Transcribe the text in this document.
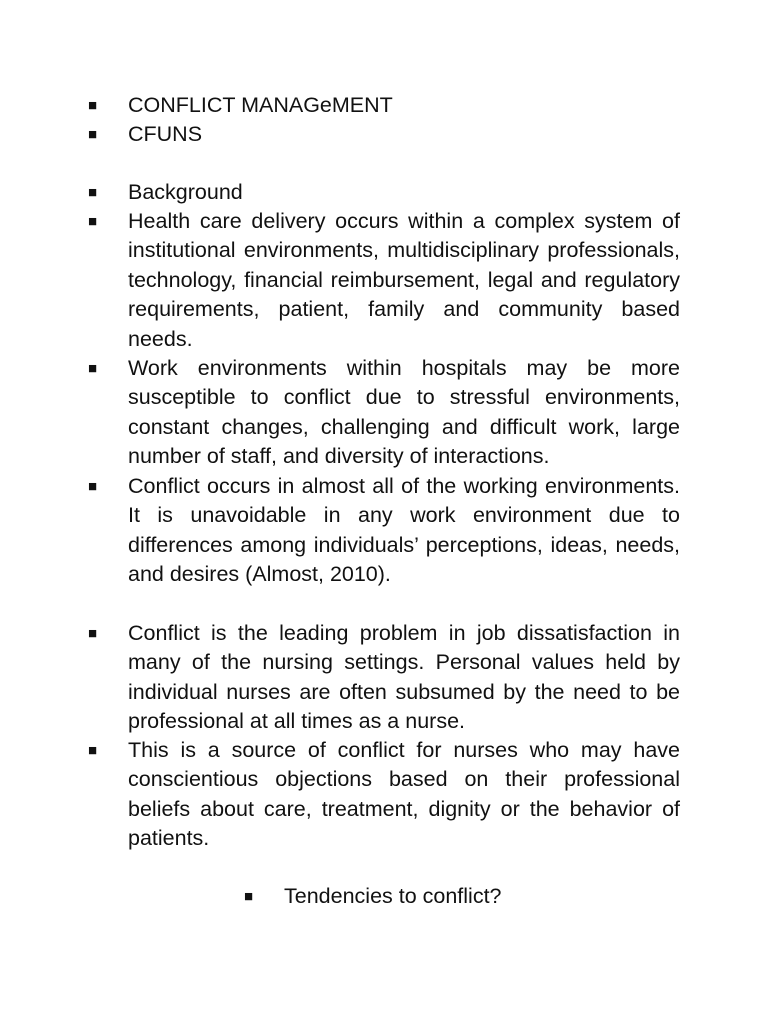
■	CONFLICT MANAGeMENT
■	CFUNS
■	Background
■	Health care delivery occurs within a complex system of institutional environments, multidisciplinary professionals, technology, financial reimbursement, legal and regulatory requirements, patient, family and community based needs.
■	Work environments within hospitals may be more susceptible to conflict due to stressful environments, constant changes, challenging and difficult work, large number of staff, and diversity of interactions.
■	Conflict occurs in almost all of the working environments. It is unavoidable in any work environment due to differences among individuals’ perceptions, ideas, needs, and desires (Almost, 2010).
■	Conflict is the leading problem in job dissatisfaction in many of the nursing settings. Personal values held by individual nurses are often subsumed by the need to be professional at all times as a nurse.
■	This is a source of conflict for nurses who may have conscientious objections based on their professional beliefs about care, treatment, dignity or the behavior of patients.
■	Tendencies to conflict?
